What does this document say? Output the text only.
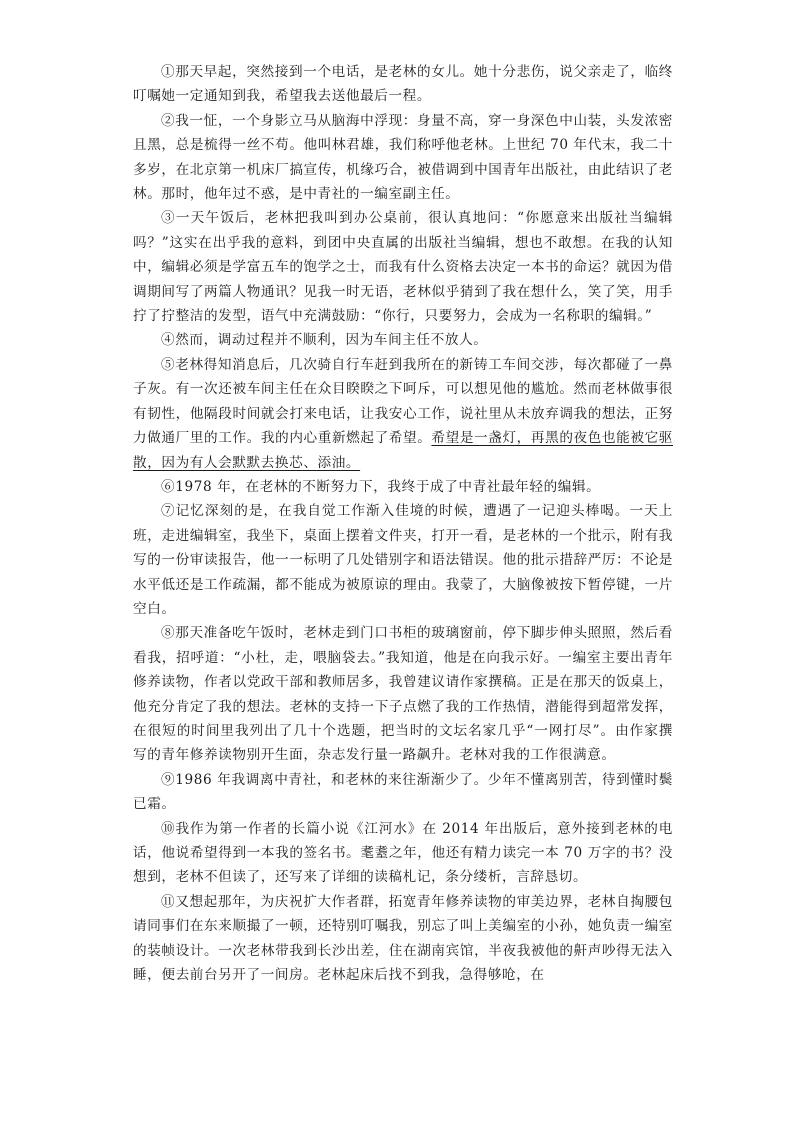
①那天早起，突然接到一个电话，是老林的女儿。她十分悲伤，说父亲走了，临终叮嘱她一定通知到我，希望我去送他最后一程。

②我一怔，一个身影立马从脑海中浮现：身量不高，穿一身深色中山装，头发浓密且黑，总是梳得一丝不苟。他叫林君雄，我们称呼他老林。上世纪 70 年代末，我二十多岁，在北京第一机床厂搞宣传，机缘巧合，被借调到中国青年出版社，由此结识了老林。那时，他年过不惑，是中青社的一编室副主任。

③一天午饭后，老林把我叫到办公桌前，很认真地问：“你愿意来出版社当编辑吗？”这实在出乎我的意料，到团中央直属的出版社当编辑，想也不敢想。在我的认知中，编辑必须是学富五车的饱学之士，而我有什么资格去决定一本书的命运？就因为借调期间写了两篇人物通讯？见我一时无语，老林似乎猜到了我在想什么，笑了笑，用手拧了拧整洁的发型，语气中充满鼓励：“你行，只要努力，会成为一名称职的编辑。”

④然而，调动过程并不顺利，因为车间主任不放人。

⑤老林得知消息后，几次骑自行车赶到我所在的新铸工车间交涉，每次都碰了一鼻子灰。有一次还被车间主任在众目睽睽之下呵斥，可以想见他的尴尬。然而老林做事很有韧性，他隔段时间就会打来电话，让我安心工作，说社里从未放弃调我的想法，正努力做通厂里的工作。我的内心重新燃起了希望。希望是一盏灯，再黑的夜色也能被它驱散，因为有人会默默去换芯、添油。

⑥1978 年，在老林的不断努力下，我终于成了中青社最年轻的编辑。

⑦记忆深刻的是，在我自觉工作渐入佳境的时候，遭遇了一记迎头棒喝。一天上班，走进编辑室，我坐下，桌面上摆着文件夹，打开一看，是老林的一个批示，附有我写的一份审读报告，他一一标明了几处错别字和语法错误。他的批示措辞严厉：不论是水平低还是工作疏漏，都不能成为被原谅的理由。我蒙了，大脑像被按下暂停键，一片空白。

⑧那天准备吃午饭时，老林走到门口书柜的玻璃窗前，停下脚步伸头照照，然后看看我，招呼道：“小杜，走，喂脑袋去。”我知道，他是在向我示好。一编室主要出青年修养读物，作者以党政干部和教师居多，我曾建议请作家撰稿。正是在那天的饭桌上，他充分肯定了我的想法。老林的支持一下子点燃了我的工作热情，潜能得到超常发挥，在很短的时间里我列出了几十个选题，把当时的文坛名家几乎“一网打尽”。由作家撰写的青年修养读物别开生面，杂志发行量一路飙升。老林对我的工作很满意。

⑨1986 年我调离中青社，和老林的来往渐渐少了。少年不懂离别苦，待到懂时鬓已霜。

⑩我作为第一作者的长篇小说《江河水》在 2014 年出版后，意外接到老林的电话，他说希望得到一本我的签名书。耄耋之年，他还有精力读完一本 70 万字的书？没想到，老林不但读了，还写来了详细的读稿札记，条分缕析，言辞恳切。

⑪又想起那年，为庆祝扩大作者群，拓宽青年修养读物的审美边界，老林自掏腰包请同事们在东来顺撮了一顿，还特别叮嘱我，别忘了叫上美编室的小孙，她负责一编室的装帧设计。一次老林带我到长沙出差，住在湖南宾馆，半夜我被他的鼾声吵得无法入睡，便去前台另开了一间房。老林起床后找不到我，急得够呛，在
